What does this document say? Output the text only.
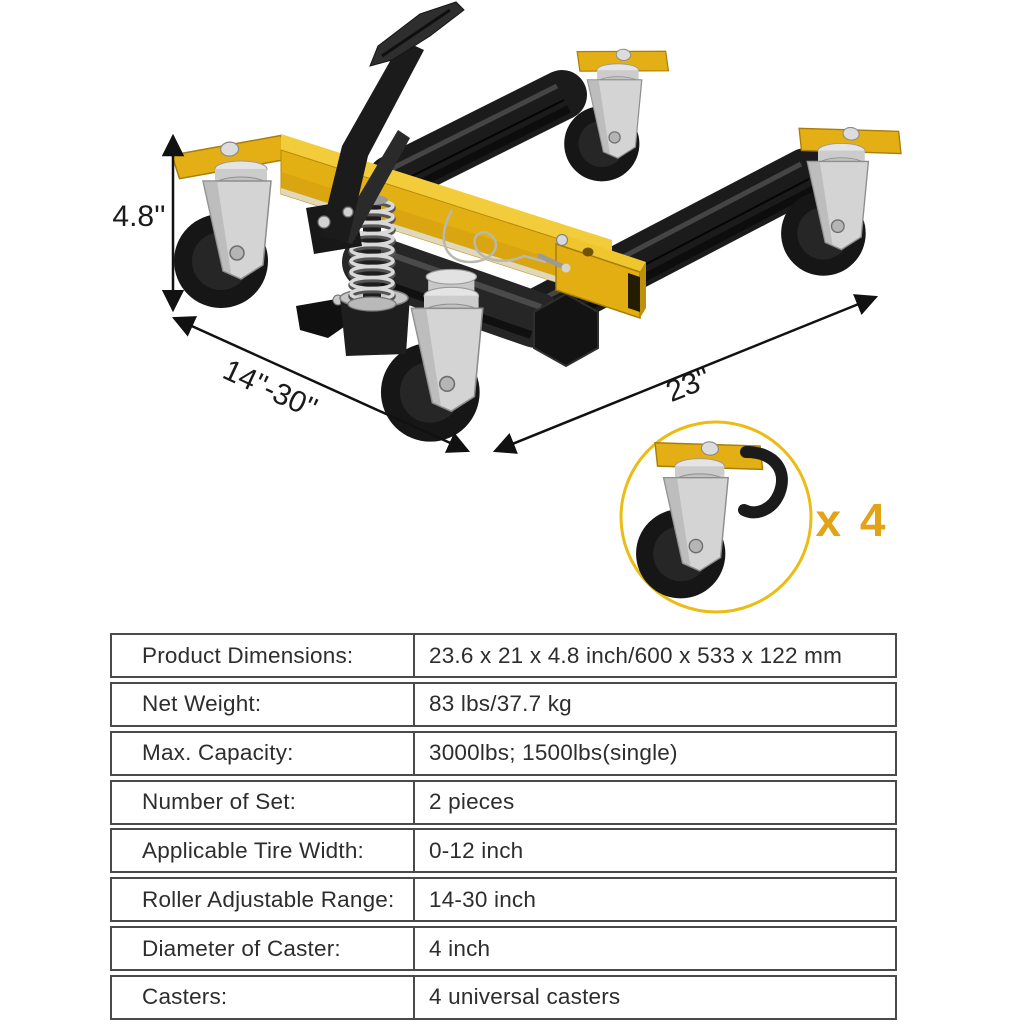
4.8''
14''-30''	23''
x 4
Product Dimensions:	23.6 x 21 x 4.8 inch/600 x 533 x 122 mm
Net Weight:	83 lbs/37.7 kg
Max. Capacity:	3000lbs; 1500lbs(single)
Number of Set:	2 pieces
Applicable Tire Width:	0-12 inch
Roller Adjustable Range:	14-30 inch
Diameter of Caster:	4 inch
Casters:	4 universal casters
